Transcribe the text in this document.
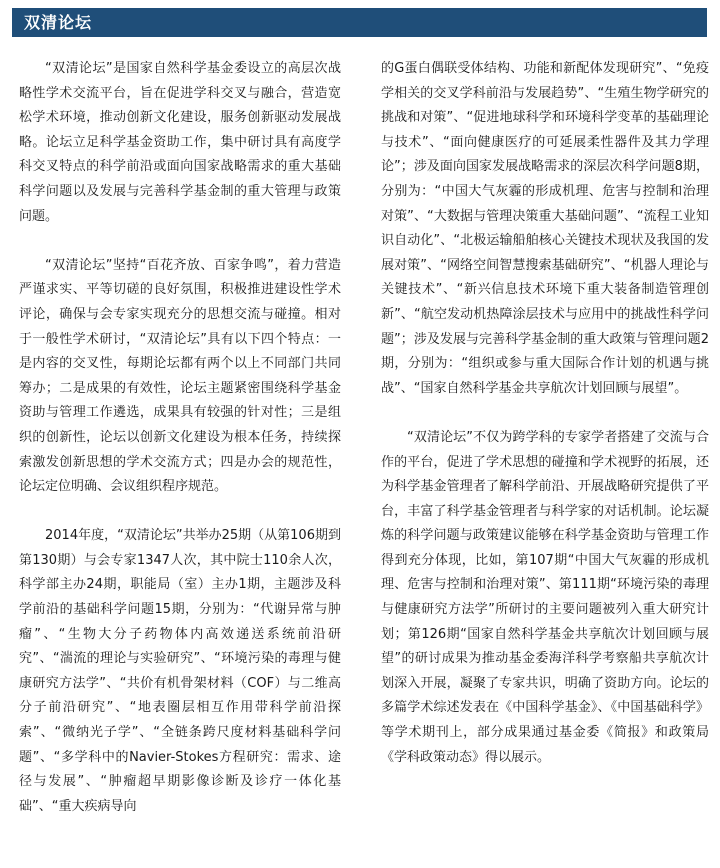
双清论坛

“双清论坛”是国家自然科学基金委设立的高层次战略性学术交流平台，旨在促进学科交叉与融合，营造宽松学术环境，推动创新文化建设，服务创新驱动发展战略。论坛立足科学基金资助工作，集中研讨具有高度学科交叉特点的科学前沿或面向国家战略需求的重大基础科学问题以及发展与完善科学基金制的重大管理与政策问题。

“双清论坛”坚持“百花齐放、百家争鸣”，着力营造严谨求实、平等切磋的良好氛围，积极推进建设性学术评论，确保与会专家实现充分的思想交流与碰撞。相对于一般性学术研讨，“双清论坛”具有以下四个特点：一是内容的交叉性，每期论坛都有两个以上不同部门共同筹办；二是成果的有效性，论坛主题紧密围绕科学基金资助与管理工作遴选，成果具有较强的针对性；三是组织的创新性，论坛以创新文化建设为根本任务，持续探索激发创新思想的学术交流方式；四是办会的规范性，论坛定位明确、会议组织程序规范。

2014年度，“双清论坛”共举办25期（从第106期到第130期）与会专家1347人次，其中院士110余人次，科学部主办24期，职能局（室）主办1期，主题涉及科学前沿的基础科学问题15期，分别为：“代谢异常与肿瘤”、“生物大分子药物体内高效递送系统前沿研究”、“湍流的理论与实验研究”、“环境污染的毒理与健康研究方法学”、“共价有机骨架材料（COF）与二维高分子前沿研究”、“地表圈层相互作用带科学前沿探索”、“微纳光子学”、“全链条跨尺度材料基础科学问题”、“多学科中的Navier-Stokes方程研究：需求、途径与发展”、“肿瘤超早期影像诊断及诊疗一体化基础”、“重大疾病导向

的G蛋白偶联受体结构、功能和新配体发现研究”、“免疫学相关的交叉学科前沿与发展趋势”、“生殖生物学研究的挑战和对策”、“促进地球科学和环境科学变革的基础理论与技术”、“面向健康医疗的可延展柔性器件及其力学理论”；涉及面向国家发展战略需求的深层次科学问题8期，分别为：“中国大气灰霾的形成机理、危害与控制和治理对策”、“大数据与管理决策重大基础问题”、“流程工业知识自动化”、“北极运输船舶核心关键技术现状及我国的发展对策”、“网络空间智慧搜索基础研究”、“机器人理论与关键技术”、“新兴信息技术环境下重大装备制造管理创新”、“航空发动机热障涂层技术与应用中的挑战性科学问题”；涉及发展与完善科学基金制的重大政策与管理问题2期，分别为：“组织或参与重大国际合作计划的机遇与挑战”、“国家自然科学基金共享航次计划回顾与展望”。

“双清论坛”不仅为跨学科的专家学者搭建了交流与合作的平台，促进了学术思想的碰撞和学术视野的拓展，还为科学基金管理者了解科学前沿、开展战略研究提供了平台，丰富了科学基金管理者与科学家的对话机制。论坛凝炼的科学问题与政策建议能够在科学基金资助与管理工作得到充分体现，比如，第107期“中国大气灰霾的形成机理、危害与控制和治理对策”、第111期“环境污染的毒理与健康研究方法学”所研讨的主要问题被列入重大研究计划；第126期“国家自然科学基金共享航次计划回顾与展望”的研讨成果为推动基金委海洋科学考察船共享航次计划深入开展，凝聚了专家共识，明确了资助方向。论坛的多篇学术综述发表在《中国科学基金》、《中国基础科学》等学术期刊上，部分成果通过基金委《简报》和政策局《学科政策动态》得以展示。
